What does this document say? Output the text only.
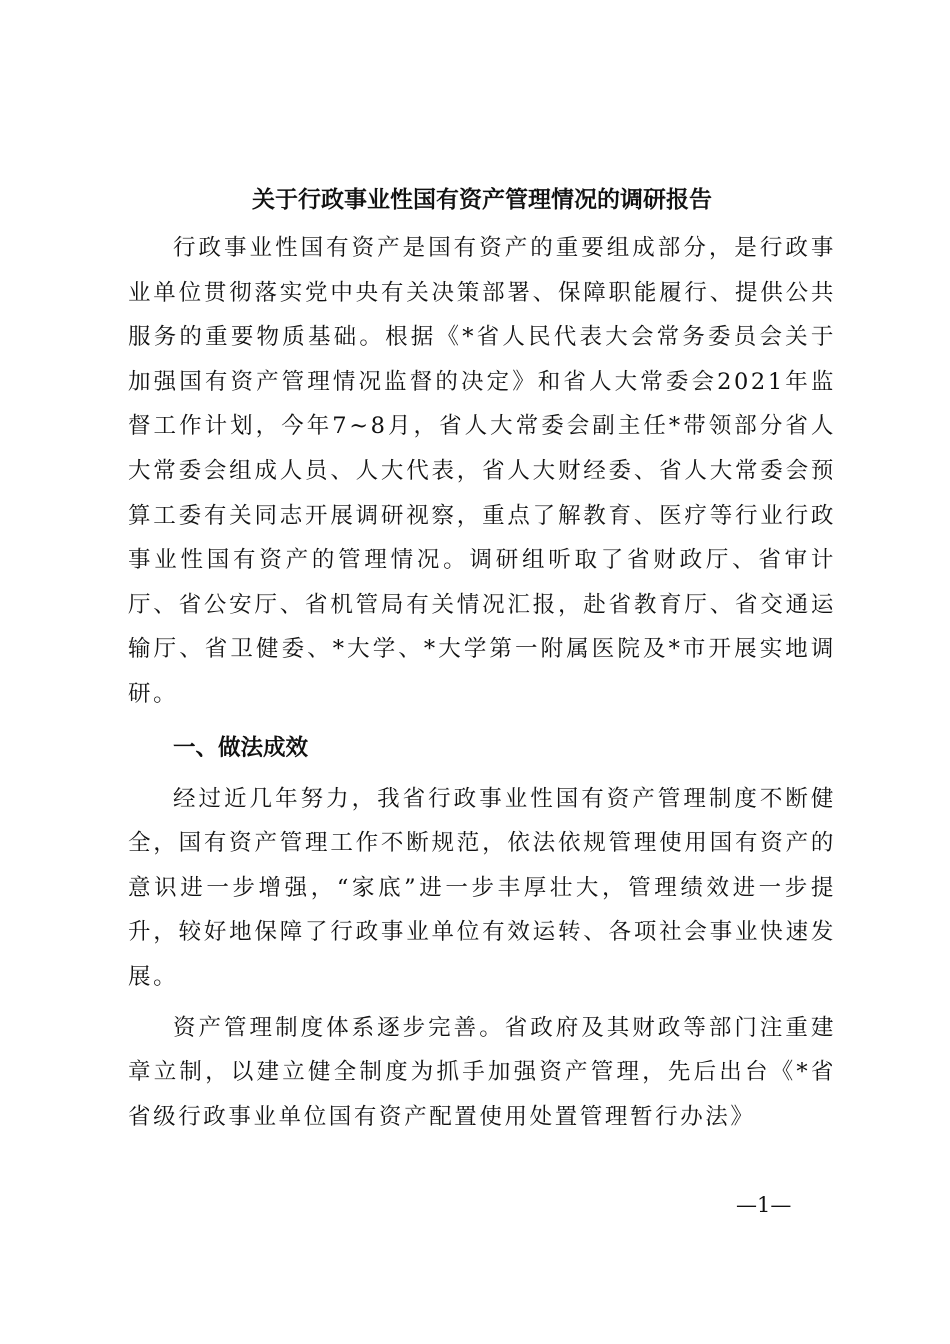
关于行政事业性国有资产管理情况的调研报告

行政事业性国有资产是国有资产的重要组成部分，是行政事业单位贯彻落实党中央有关决策部署、保障职能履行、提供公共服务的重要物质基础。根据《*省人民代表大会常务委员会关于加强国有资产管理情况监督的决定》和省人大常委会2021年监督工作计划，今年7~8月，省人大常委会副主任*带领部分省人大常委会组成人员、人大代表，省人大财经委、省人大常委会预算工委有关同志开展调研视察，重点了解教育、医疗等行业行政事业性国有资产的管理情况。调研组听取了省财政厅、省审计厅、省公安厅、省机管局有关情况汇报，赴省教育厅、省交通运输厅、省卫健委、*大学、*大学第一附属医院及*市开展实地调研。

一、做法成效

经过近几年努力，我省行政事业性国有资产管理制度不断健全，国有资产管理工作不断规范，依法依规管理使用国有资产的意识进一步增强，“家底”进一步丰厚壮大，管理绩效进一步提升，较好地保障了行政事业单位有效运转、各项社会事业快速发展。

资产管理制度体系逐步完善。省政府及其财政等部门注重建章立制，以建立健全制度为抓手加强资产管理，先后出台《*省省级行政事业单位国有资产配置使用处置管理暂行办法》

—1—
